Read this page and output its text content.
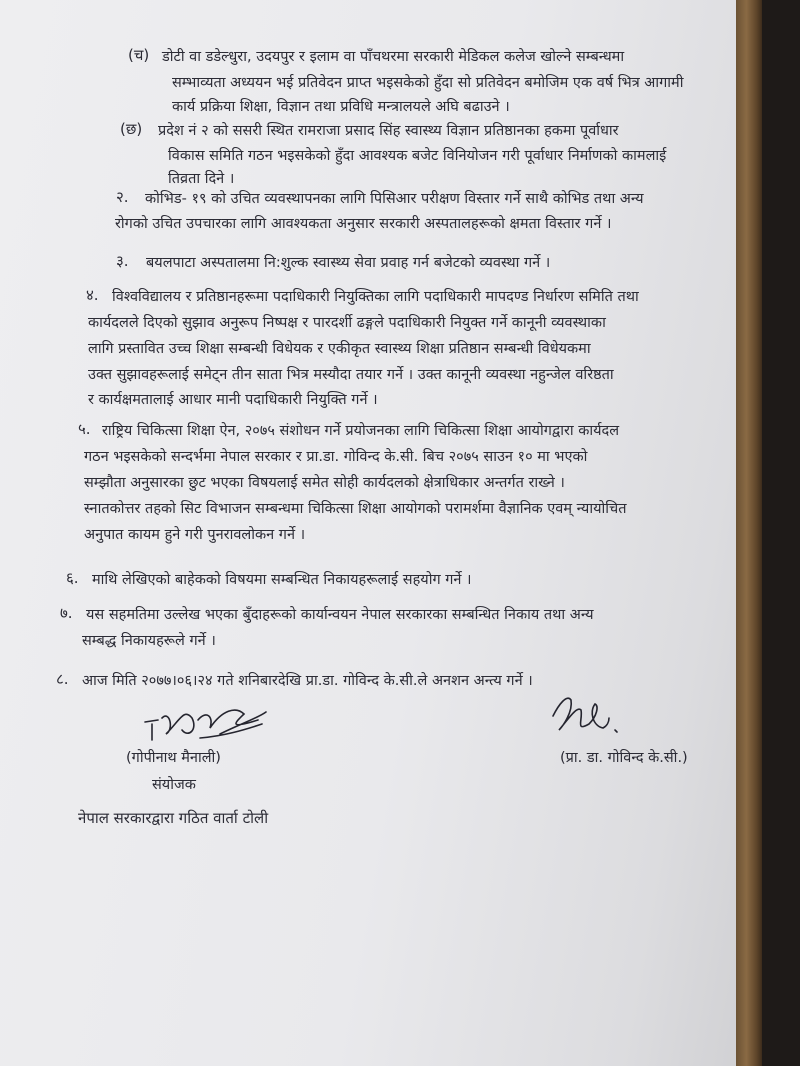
(च) डोटी वा डडेल्धुरा, उदयपुर र इलाम वा पाँचथरमा सरकारी मेडिकल कलेज खोल्ने सम्बन्धमा
सम्भाव्यता अध्ययन भई प्रतिवेदन प्राप्त भइसकेको हुँदा सो प्रतिवेदन बमोजिम एक वर्ष भित्र आगामी
कार्य प्रक्रिया शिक्षा, विज्ञान तथा प्रविधि मन्त्रालयले अघि बढाउने ।
(छ) प्रदेश नं २ को ससरी स्थित रामराजा प्रसाद सिंह स्वास्थ्य विज्ञान प्रतिष्ठानका हकमा पूर्वाधार
विकास समिति गठन भइसकेको हुँदा आवश्यक बजेट विनियोजन गरी पूर्वाधार निर्माणको कामलाई
तिव्रता दिने ।
२. कोभिड- १९ को उचित व्यवस्थापनका लागि पिसिआर परीक्षण विस्तार गर्ने साथै कोभिड तथा अन्य
रोगको उचित उपचारका लागि आवश्यकता अनुसार सरकारी अस्पतालहरूको क्षमता विस्तार गर्ने ।
३. बयलपाटा अस्पतालमा नि:शुल्क स्वास्थ्य सेवा प्रवाह गर्न बजेटको व्यवस्था गर्ने ।
४. विश्वविद्यालय र प्रतिष्ठानहरूमा पदाधिकारी नियुक्तिका लागि पदाधिकारी मापदण्ड निर्धारण समिति तथा
कार्यदलले दिएको सुझाव अनुरूप निष्पक्ष र पारदर्शी ढङ्गले पदाधिकारी नियुक्त गर्ने कानूनी व्यवस्थाका
लागि प्रस्तावित उच्च शिक्षा सम्बन्धी विधेयक र एकीकृत स्वास्थ्य शिक्षा प्रतिष्ठान सम्बन्धी विधेयकमा
उक्त सुझावहरूलाई समेट्न तीन साता भित्र मस्यौदा तयार गर्ने । उक्त कानूनी व्यवस्था नहुन्जेल वरिष्ठता
र कार्यक्षमतालाई आधार मानी पदाधिकारी नियुक्ति गर्ने ।
५. राष्ट्रिय चिकित्सा शिक्षा ऐन, २०७५ संशोधन गर्ने प्रयोजनका लागि चिकित्सा शिक्षा आयोगद्वारा कार्यदल
गठन भइसकेको सन्दर्भमा नेपाल सरकार र प्रा.डा. गोविन्द के.सी. बिच २०७५ साउन १० मा भएको
सम्झौता अनुसारका छुट भएका विषयलाई समेत सोही कार्यदलको क्षेत्राधिकार अन्तर्गत राख्ने ।
स्नातकोत्तर तहको सिट विभाजन सम्बन्धमा चिकित्सा शिक्षा आयोगको परामर्शमा वैज्ञानिक एवम् न्यायोचित
अनुपात कायम हुने गरी पुनरावलोकन गर्ने ।
६. माथि लेखिएको बाहेकको विषयमा सम्बन्धित निकायहरूलाई सहयोग गर्ने ।
७. यस सहमतिमा उल्लेख भएका बुँदाहरूको कार्यान्वयन नेपाल सरकारका सम्बन्धित निकाय तथा अन्य
सम्बद्ध निकायहरूले गर्ने ।
८. आज मिति २०७७।०६।२४ गते शनिबारदेखि प्रा.डा. गोविन्द के.सी.ले अनशन अन्त्य गर्ने ।
(गोपीनाथ मैनाली)
संयोजक
नेपाल सरकारद्वारा गठित वार्ता टोली
(प्रा. डा. गोविन्द के.सी.)
